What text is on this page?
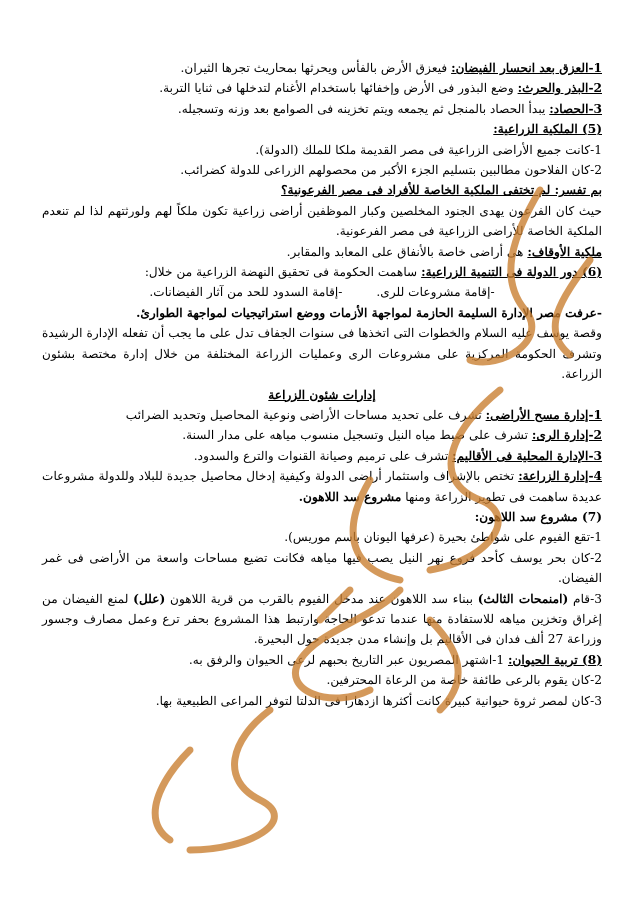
1-العزق بعد انحسار الفيضان: فيعزق الأرض بالفأس ويحرثها بمحاريث تجرها الثيران.

2-البذر والحرث: وضع البذور فى الأرض وإخفائها باستخدام الأغنام لتدخلها فى ثنايا التربة.

3-الحصاد: يبدأ الحصاد بالمنجل ثم يجمعه ويتم تخزينه فى الصوامع بعد وزنه وتسجيله.

(5) الملكية الزراعية:

1-كانت جميع الأراضى الزراعية فى مصر القديمة ملكا للملك (الدولة).

2-كان الفلاحون مطالبين بتسليم الجزء الأكبر من محصولهم الزراعى للدولة كضرائب.

بم تفسر: لم تختفى الملكية الخاصة للأفراد فى مصر الفرعونية؟

حيث كان الفرعون يهدى الجنود المخلصين وكبار الموظفين أراضى زراعية تكون ملكاً لهم ولورثتهم لذا لم تنعدم الملكية الخاصة للأراضى الزراعية فى مصر الفرعونية.

ملكية الأوقاف: هى أراضى خاصة بالأنفاق على المعابد والمقابر.

(6) دور الدولة فى التنمية الزراعية: ساهمت الحكومة فى تحقيق النهضة الزراعية من خلال:

-إقامة مشروعات للرى.-إقامة السدود للحد من آثار الفيضانات.

-عرفت مصر الإدارة السليمة الحازمة لمواجهة الأزمات ووضع استراتيجيات لمواجهة الطوارئ.

وقصة يوسف عليه السلام والخطوات التى اتخذها فى سنوات الجفاف تدل على ما يجب أن تفعله الإدارة الرشيدة وتشرف الحكومة المركزية على مشروعات الرى وعمليات الزراعة المختلفة من خلال إدارة مختصة بشئون الزراعة.

إدارات شئون الزراعة

1-إدارة مسح الأراضى: تشرف على تحديد مساحات الأراضى ونوعية المحاصيل وتحديد الضرائب

2-إدارة الرى: تشرف على ضبط مياه النيل وتسجيل منسوب مياهه على مدار السنة.

3-الإدارة المحلية فى الأقاليم: تشرف على ترميم وصيانة القنوات والترع والسدود.

4-إدارة الزراعة: تختص بالإشراف واستثمار أراضى الدولة وكيفية إدخال محاصيل جديدة للبلاد وللدولة مشروعات عديدة ساهمت فى تطوير الزراعة ومنها مشروع سد اللاهون.

(7) مشروع سد اللاهون:

1-تقع الفيوم على شواطئ بحيرة (عرفها اليونان باسم موريس).

2-كان بحر يوسف كأحد فروع نهر النيل يصب فيها مياهه فكانت تضيع مساحات واسعة من الأراضى فى غمر الفيضان.

3-قام (امنمحات الثالث) ببناء سد اللاهون عند مدخل الفيوم بالقرب من قرية اللاهون (علل) لمنع الفيضان من إغراق وتخزين مياهه للاستفادة منها عندما تدعو الحاجة وارتبط هذا المشروع بحفر ترع وعمل مصارف وجسور وزراعة 27 ألف فدان فى الأقاليم بل وإنشاء مدن جديدة حول البحيرة.

(8) تربية الحيوان: 1-اشتهر المصريون عبر التاريخ بحبهم لرعى الحيوان والرفق به.

2-كان يقوم بالرعى طائفة خاصة من الرعاة المحترفين.

3-كان لمصر ثروة حيوانية كبيرة كانت أكثرها ازدهارا فى الدلتا لتوفر المراعى الطبيعية بها.
